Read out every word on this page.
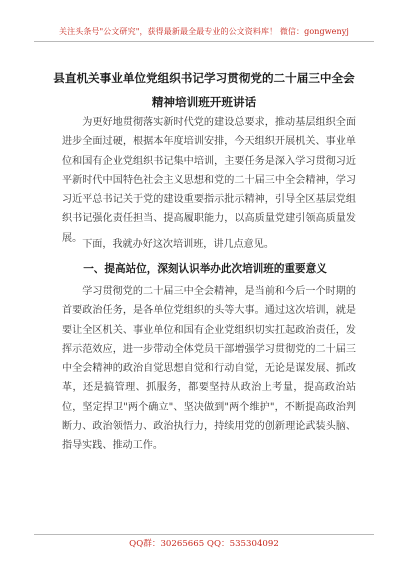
关注头条号"公文研究"，获得最新最全最专业的公文资料库！ 微信：gongwenyj
县直机关事业单位党组织书记学习贯彻党的二十届三中全会精神培训班开班讲话

为更好地贯彻落实新时代党的建设总要求，推动基层组织全面进步全面过硬，根据本年度培训安排，今天组织开展机关、事业单位和国有企业党组织书记集中培训，主要任务是深入学习贯彻习近平新时代中国特色社会主义思想和党的二十届三中全会精神，学习习近平总书记关于党的建设重要指示批示精神，引导全区基层党组织书记强化责任担当、提高履职能力，以高质量党建引领高质量发展。

下面，我就办好这次培训班，讲几点意见。

一、提高站位，深刻认识举办此次培训班的重要意义

学习贯彻党的二十届三中全会精神，是当前和今后一个时期的首要政治任务，是各单位党组织的头等大事。通过这次培训，就是要让全区机关、事业单位和国有企业党组织切实扛起政治责任，发挥示范效应，进一步带动全体党员干部增强学习贯彻党的二十届三中全会精神的政治自觉思想自觉和行动自觉，无论是谋发展、抓改革，还是搞管理、抓服务，都要坚持从政治上考量，提高政治站位，坚定捍卫"两个确立"、坚决做到"两个维护"，不断提高政治判断力、政治领悟力、政治执行力，持续用党的创新理论武装头脑、指导实践、推动工作。

QQ群：30265665 QQ：535304092
